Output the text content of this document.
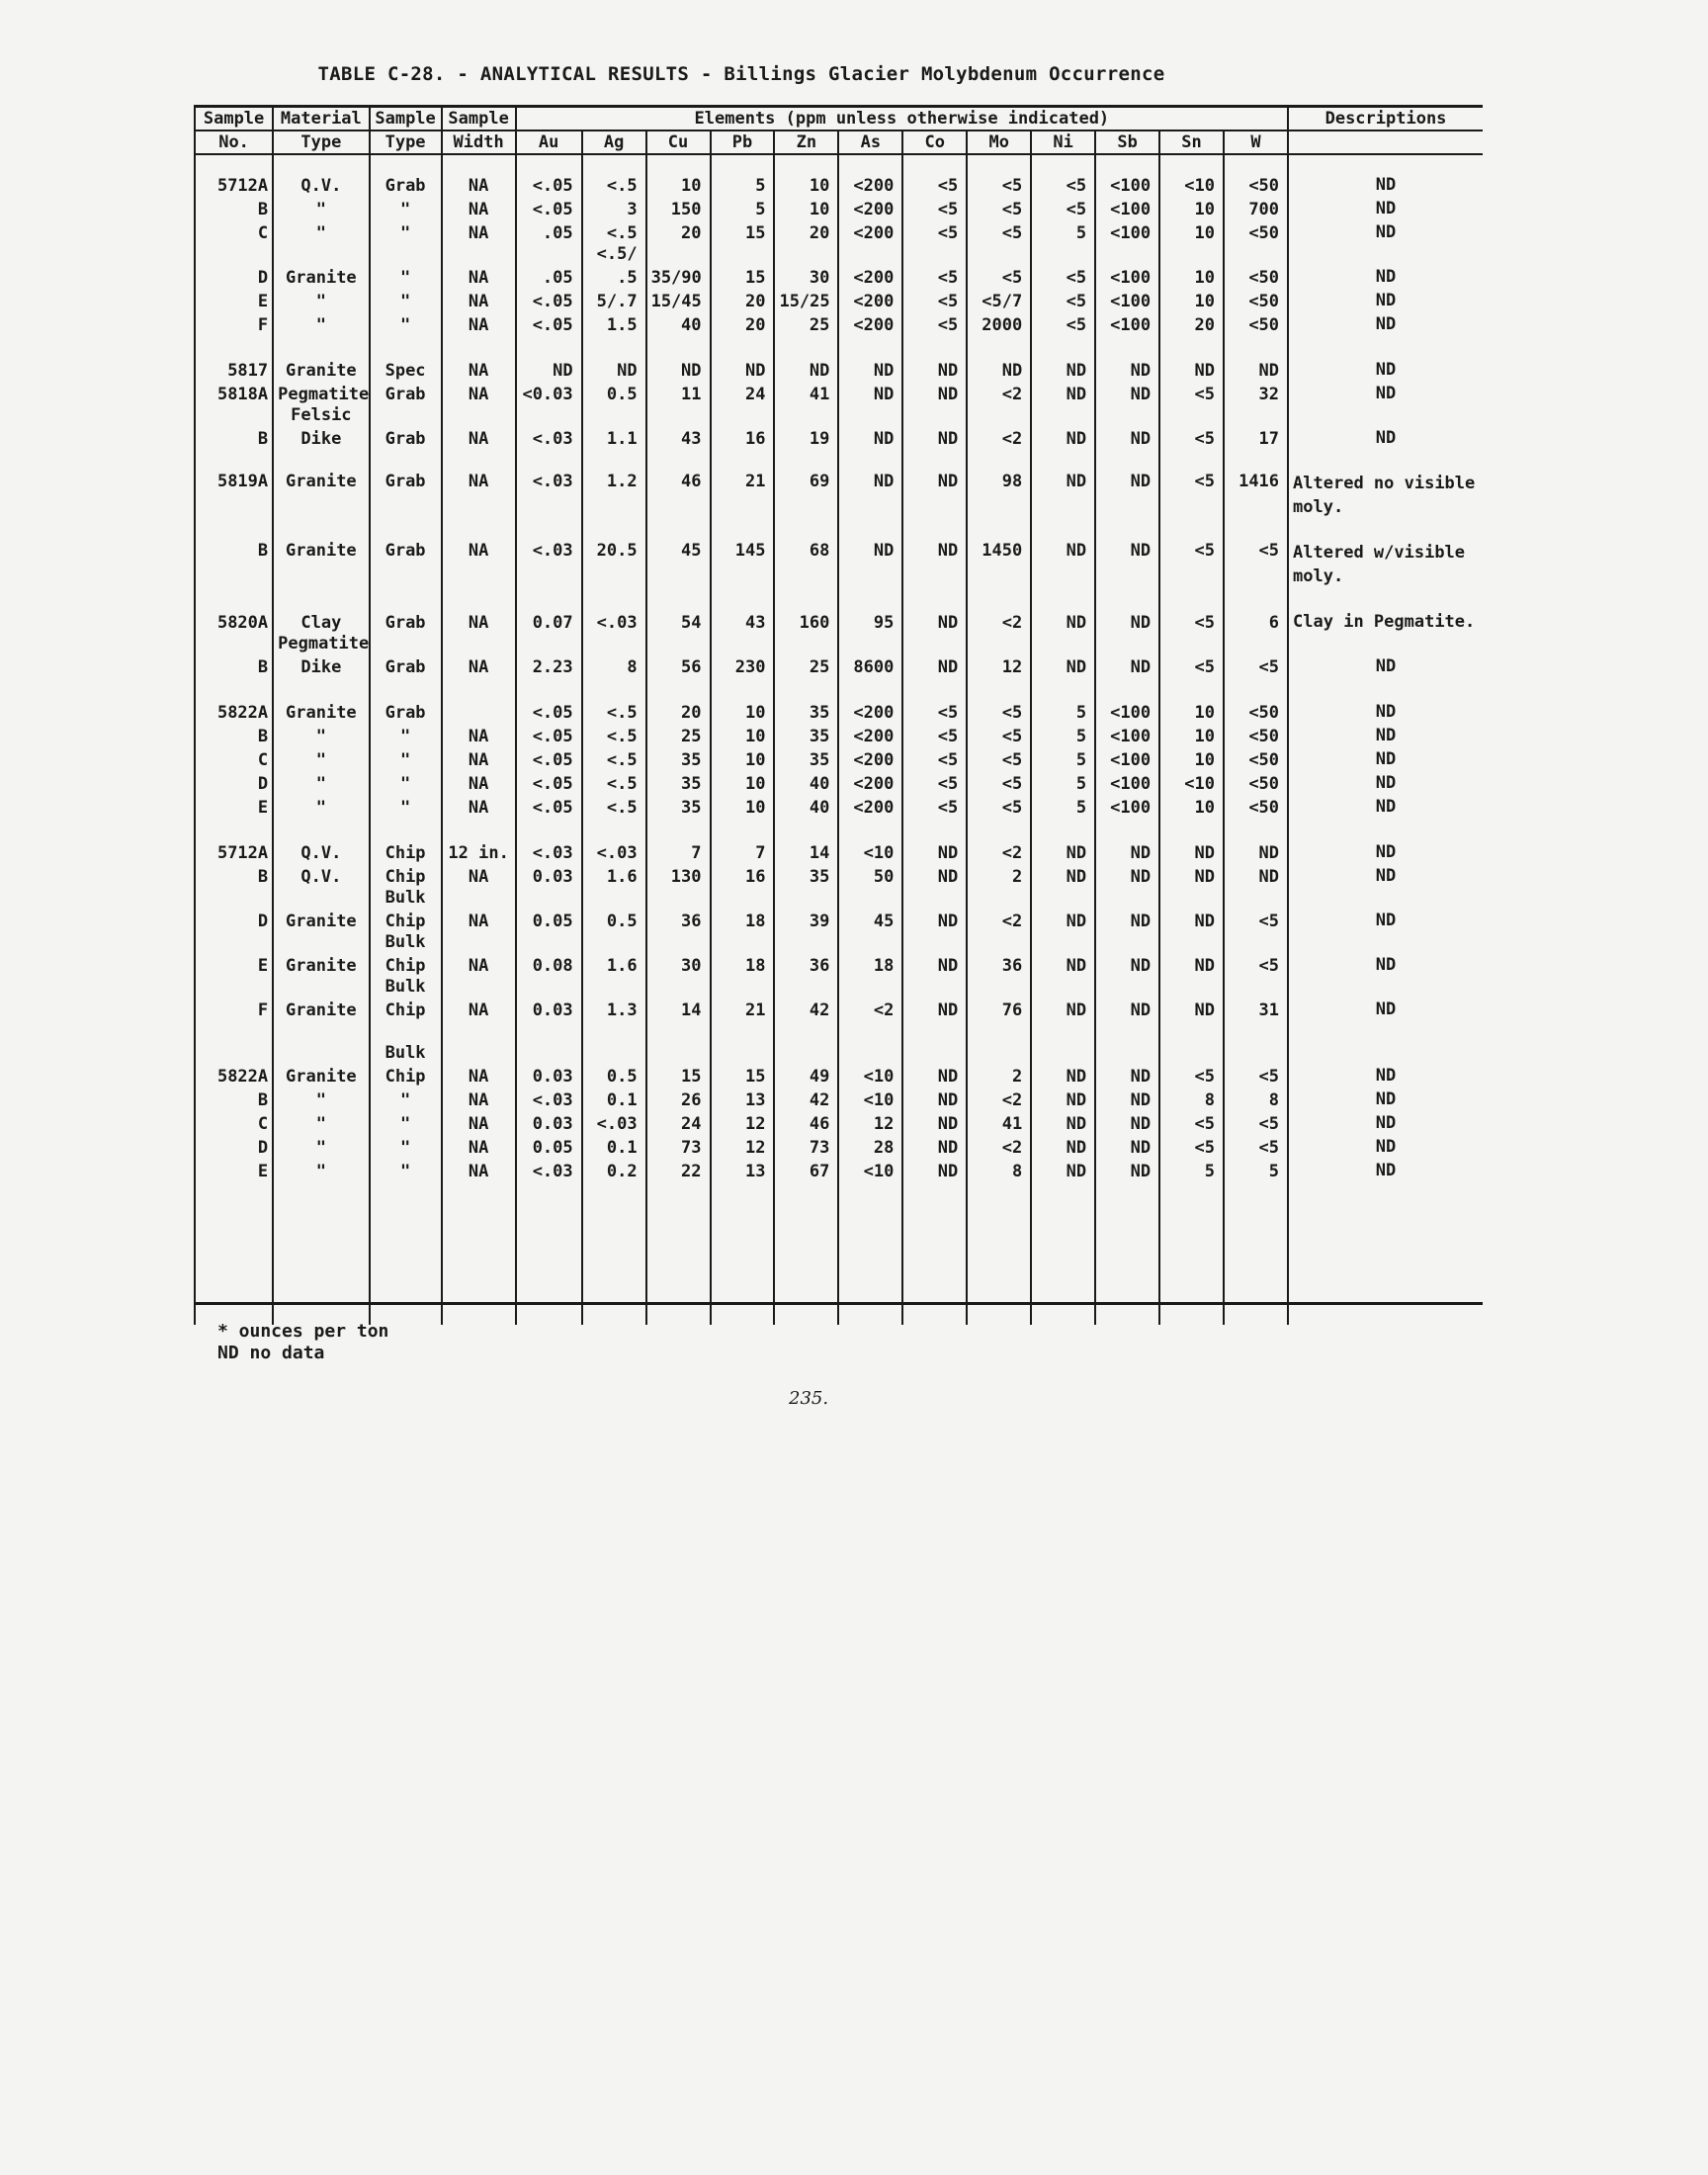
TABLE C-28. - ANALYTICAL RESULTS - Billings Glacier Molybdenum Occurrence
Sample	Material	Sample	Sample	Elements (ppm unless otherwise indicated)												Descriptions
No.	Type	Type	Width	Au	Ag	Cu	Pb	Zn	As	Co	Mo	Ni	Sb	Sn	W	

5712A	Q.V.	Grab	NA	<.05	<.5	10	5	10	<200	<5	<5	<5	<100	<10	<50	ND
B	"	"	NA	<.05	3	150	5	10	<200	<5	<5	<5	<100	10	700	ND
C	"	"	NA	.05	<.5	20	15	20	<200	<5	<5	5	<100	10	<50	ND
					<.5/											
D	Granite	"	NA	.05	.5	35/90	15	30	<200	<5	<5	<5	<100	10	<50	ND
E	"	"	NA	<.05	5/.7	15/45	20	15/25	<200	<5	<5/7	<5	<100	10	<50	ND
F	"	"	NA	<.05	1.5	40	20	25	<200	<5	2000	<5	<100	20	<50	ND

5817	Granite	Spec	NA	ND	ND	ND	ND	ND	ND	ND	ND	ND	ND	ND	ND	ND
5818A	Pegmatite	Grab	NA	<0.03	0.5	11	24	41	ND	ND	<2	ND	ND	<5	32	ND
	Felsic															
B	Dike	Grab	NA	<.03	1.1	43	16	19	ND	ND	<2	ND	ND	<5	17	ND

5819A	Granite	Grab	NA	<.03	1.2	46	21	69	ND	ND	98	ND	ND	<5	1416	Altered no visible moly.

B	Granite	Grab	NA	<.03	20.5	45	145	68	ND	ND	1450	ND	ND	<5	<5	Altered w/visible moly.

5820A	Clay	Grab	NA	0.07	<.03	54	43	160	95	ND	<2	ND	ND	<5	6	Clay in Pegmatite.
	Pegmatite															
B	Dike	Grab	NA	2.23	8	56	230	25	8600	ND	12	ND	ND	<5	<5	ND

5822A	Granite	Grab		<.05	<.5	20	10	35	<200	<5	<5	5	<100	10	<50	ND
B	"	"	NA	<.05	<.5	25	10	35	<200	<5	<5	5	<100	10	<50	ND
C	"	"	NA	<.05	<.5	35	10	35	<200	<5	<5	5	<100	10	<50	ND
D	"	"	NA	<.05	<.5	35	10	40	<200	<5	<5	5	<100	<10	<50	ND
E	"	"	NA	<.05	<.5	35	10	40	<200	<5	<5	5	<100	10	<50	ND

5712A	Q.V.	Chip	12 in.	<.03	<.03	7	7	14	<10	ND	<2	ND	ND	ND	ND	ND
B	Q.V.	Chip	NA	0.03	1.6	130	16	35	50	ND	2	ND	ND	ND	ND	ND
		Bulk														
D	Granite	Chip	NA	0.05	0.5	36	18	39	45	ND	<2	ND	ND	ND	<5	ND
		Bulk														
E	Granite	Chip	NA	0.08	1.6	30	18	36	18	ND	36	ND	ND	ND	<5	ND
		Bulk														
F	Granite	Chip	NA	0.03	1.3	14	21	42	<2	ND	76	ND	ND	ND	31	ND

		Bulk														
5822A	Granite	Chip	NA	0.03	0.5	15	15	49	<10	ND	2	ND	ND	<5	<5	ND
B	"	"	NA	<.03	0.1	26	13	42	<10	ND	<2	ND	ND	8	8	ND
C	"	"	NA	0.03	<.03	24	12	46	12	ND	41	ND	ND	<5	<5	ND
D	"	"	NA	0.05	0.1	73	12	73	28	ND	<2	ND	ND	<5	<5	ND
E	"	"	NA	<.03	0.2	22	13	67	<10	ND	8	ND	ND	5	5	ND

* ounces per ton
ND no data
235.
